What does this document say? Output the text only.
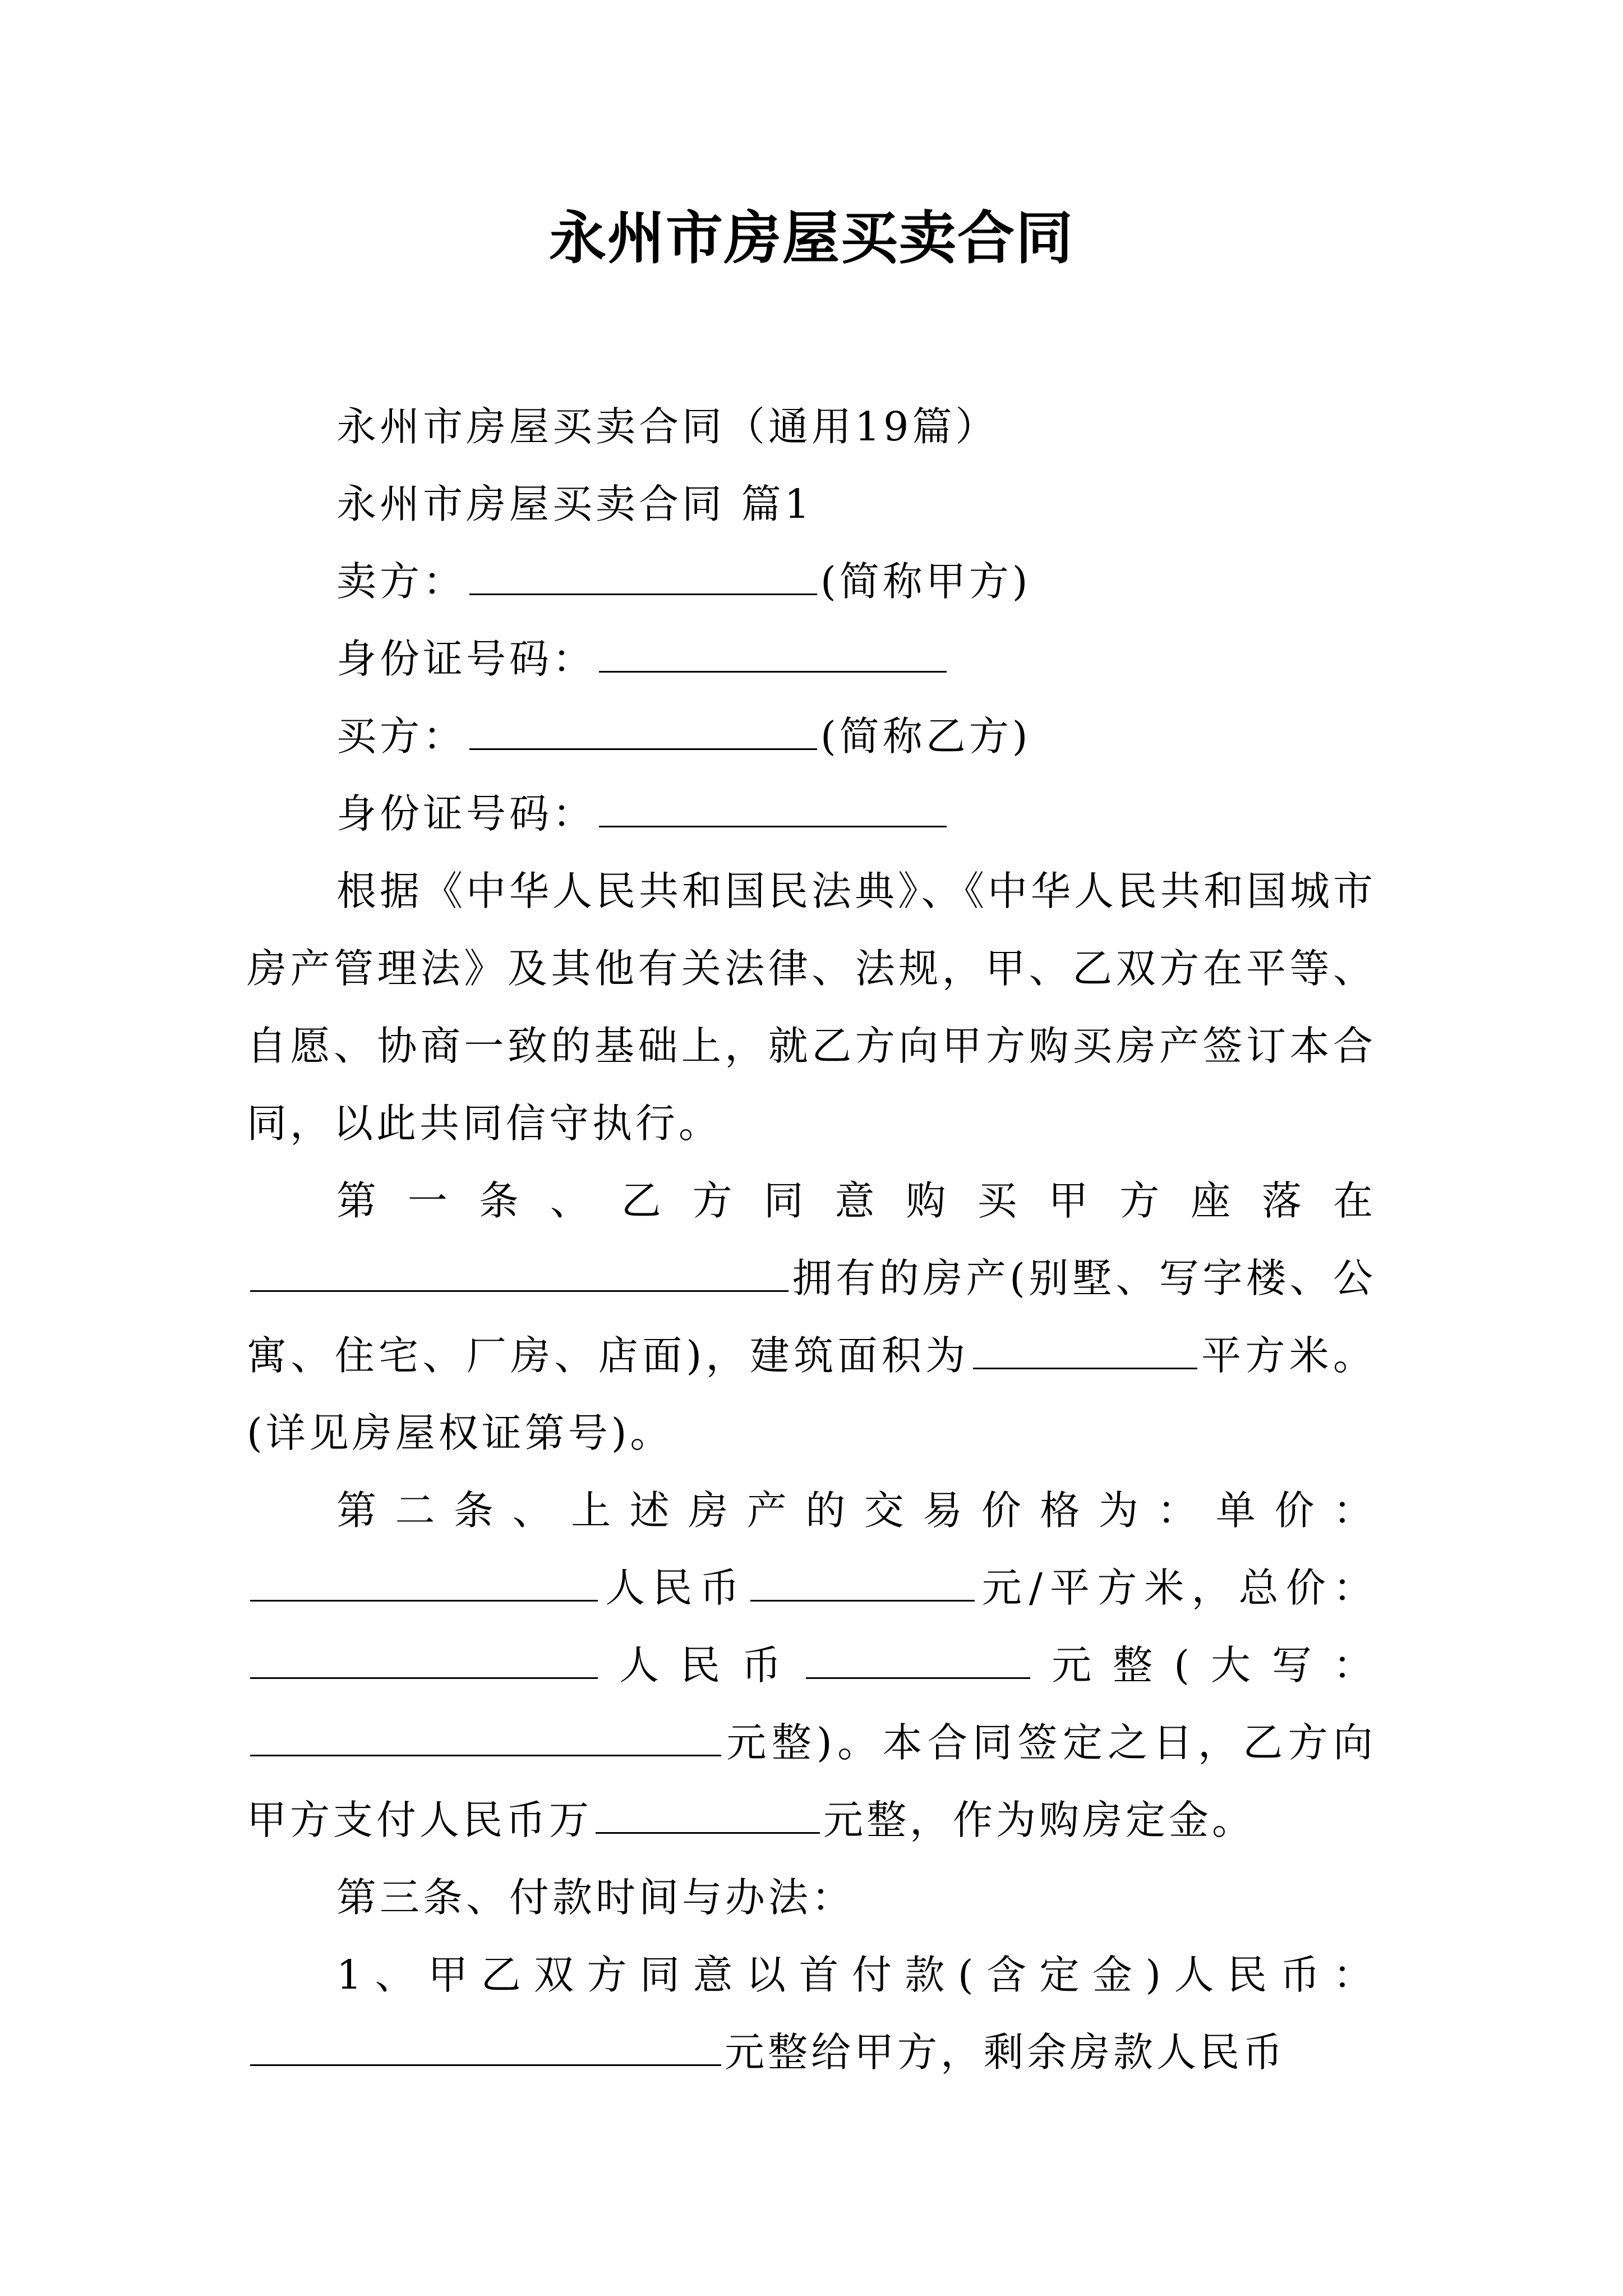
永州市房屋买卖合同

永州市房屋买卖合同（通用19篇）

永州市房屋买卖合同 篇1

卖方：	(简称甲方)

身份证号码：

买方：	(简称乙方)

身份证号码：

根据《中华人民共和国民法典》、《中华人民共和国城市房产管理法》及其他有关法律、法规，甲、乙双方在平等、自愿、协商一致的基础上，就乙方向甲方购买房产签订本合同，以此共同信守执行。

第一条、乙方同意购买甲方座落在拥有的房产(别墅、写字楼、公寓、住宅、厂房、店面)，建筑面积为	平方米。(详见房屋权证第号)。

第二条、上述房产的交易价格为：单价：人民币	元/平方米，总价：人民币	元整(大写：元整)。本合同签定之日，乙方向甲方支付人民币万	元整，作为购房定金。

第三条、付款时间与办法：

1、甲乙双方同意以首付款(含定金)人民币：元整给甲方，剩余房款人民币
